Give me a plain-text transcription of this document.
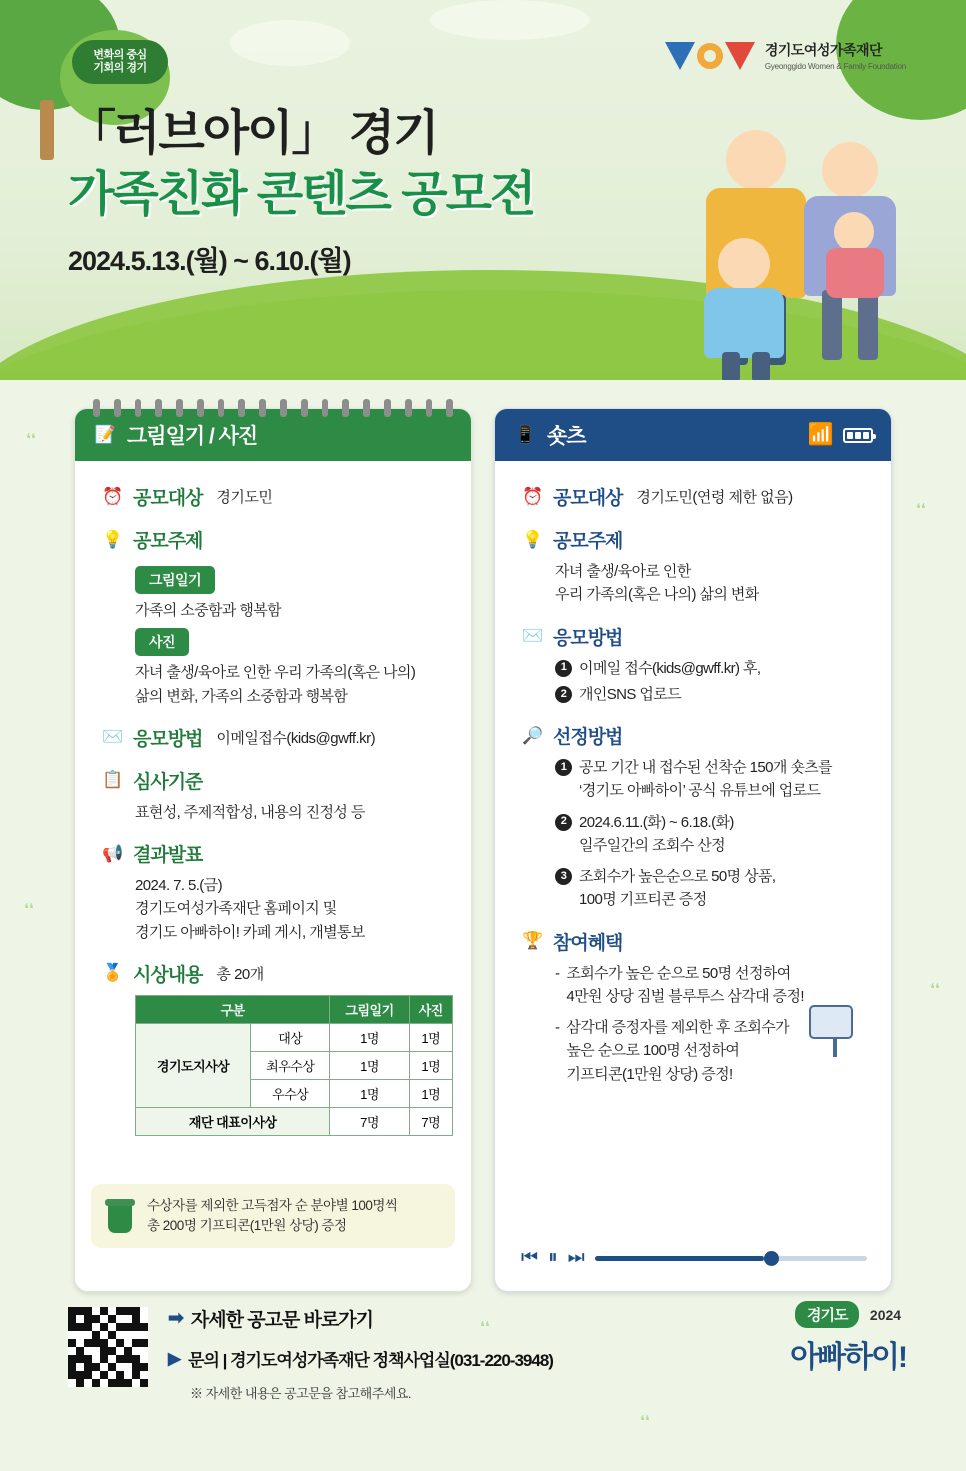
변화의 중심
기회의 경기
경기도여성가족재단
Gyeonggido Women & Family Foundation
「러브아이」 경기
가족친화 콘텐츠 공모전
2024.5.13.(월) ~ 6.10.(월)
📝 그림일기 / 사진
⏰ 공모대상 경기도민
💡 공모주제
그림일기
가족의 소중함과 행복함
사진
자녀 출생/육아로 인한 우리 가족의(혹은 나의)
삶의 변화, 가족의 소중함과 행복함
✉️ 응모방법 이메일접수(kids@gwff.kr)
📋 심사기준
표현성, 주제적합성, 내용의 진정성 등
📢 결과발표
2024. 7. 5.(금)
경기도여성가족재단 홈페이지 및
경기도 아빠하이! 카페 게시, 개별통보
🏅 시상내용 총 20개
구분		그림일기	사진
경기도지사상	대상	1명	1명
	최우수상	1명	1명
	우수상	1명	1명
재단 대표이사상		7명	7명
수상자를 제외한 고득점자 순 분야별 100명씩
총 200명 기프티콘(1만원 상당) 증정
📱 숏츠	📶
⏰ 공모대상 경기도민(연령 제한 없음)
💡 공모주제
자녀 출생/육아로 인한
우리 가족의(혹은 나의) 삶의 변화
✉️ 응모방법
1 이메일 접수(kids@gwff.kr) 후,
2 개인SNS 업로드
🔎 선정방법
1 공모 기간 내 접수된 선착순 150개 숏츠를
‘경기도 아빠하이’ 공식 유튜브에 업로드
2 2024.6.11.(화) ~ 6.18.(화)
일주일간의 조회수 산정
3 조회수가 높은순으로 50명 상품,
100명 기프티콘 증정
🏆 참여혜택
- 조회수가 높은 순으로 50명 선정하여
4만원 상당 짐벌 블루투스 삼각대 증정!
- 삼각대 증정자를 제외한 후 조회수가
높은 순으로 100명 선정하여
기프티콘(1만원 상당) 증정!
⏮ ⏸ ⏭
➡ 자세한 공고문 바로가기
▶ 문의 | 경기도여성가족재단 정책사업실(031-220-3948)
※ 자세한 내용은 공고문을 참고해주세요.
경기도 2024
아빠하이!
❛❛
❛❛
❛❛
❛❛
❛❛
❛❛
